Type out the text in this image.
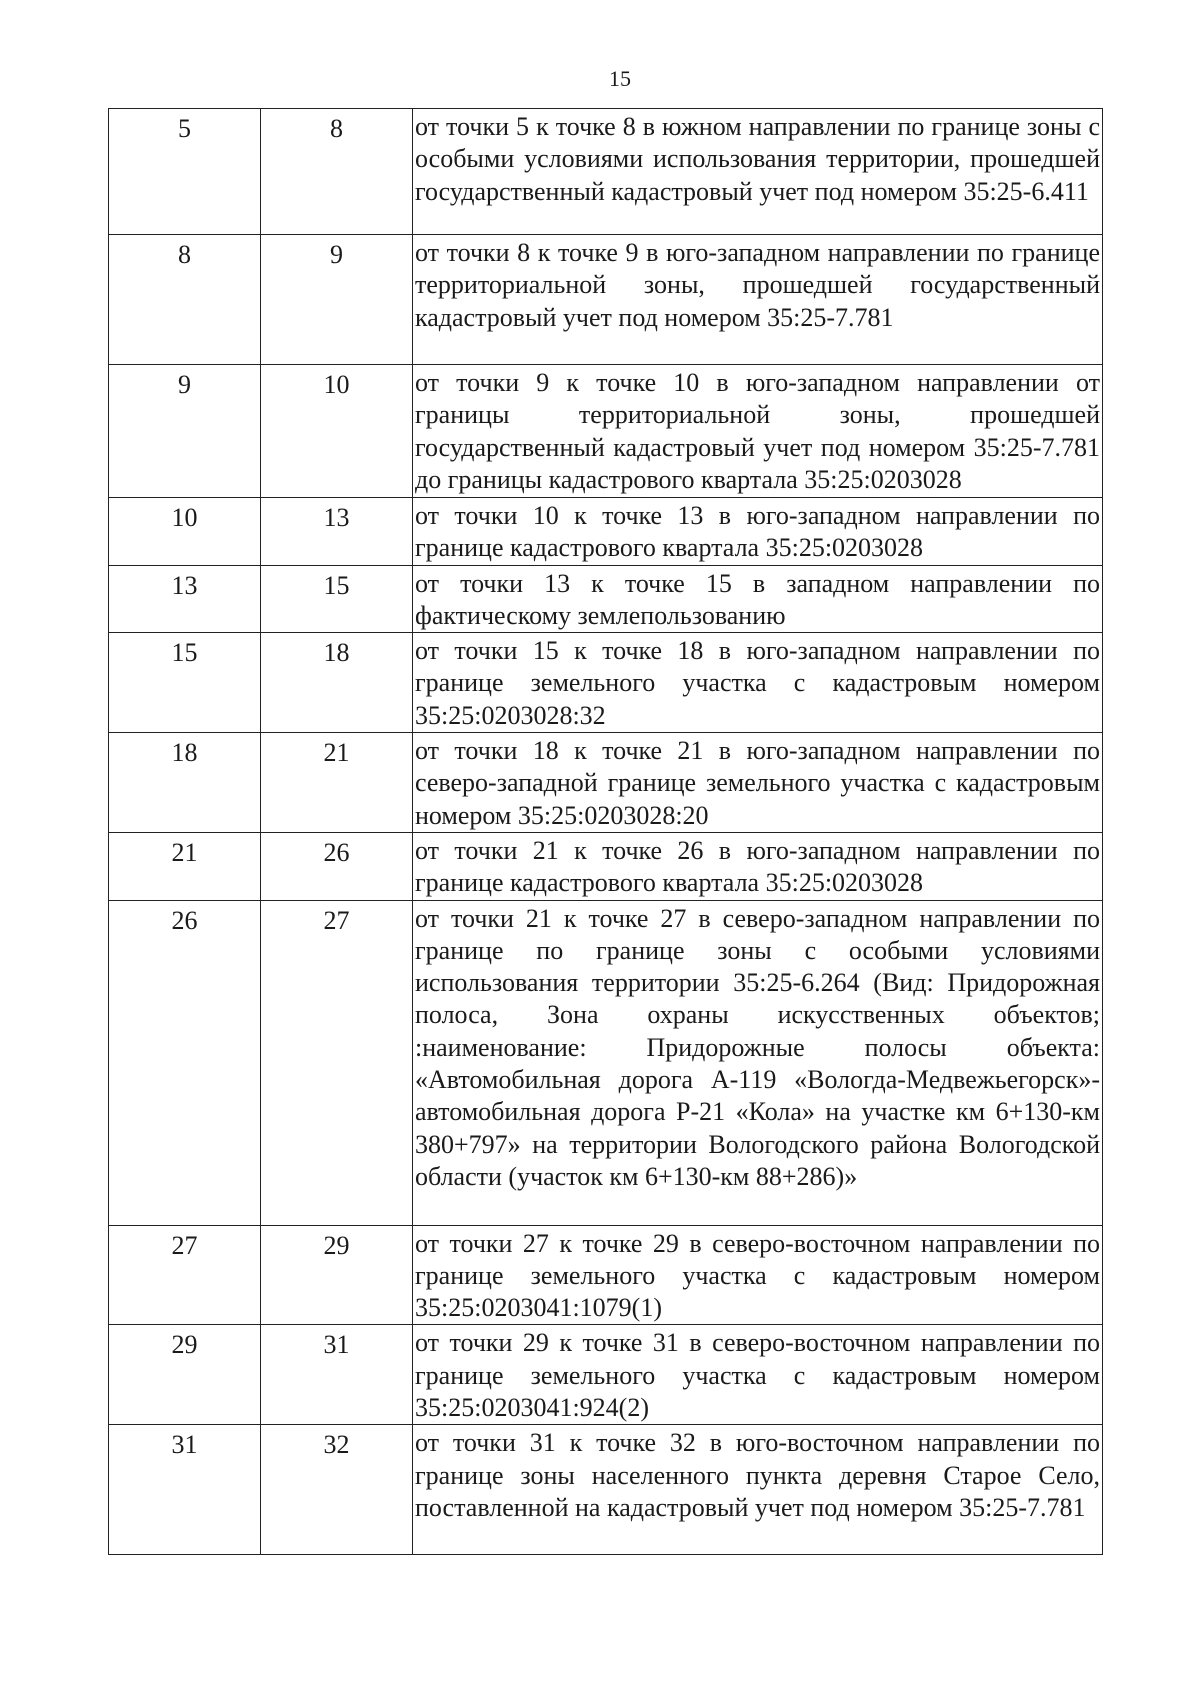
15
5	8	от точки 5 к точке 8 в южном направлении по границе зоны с особыми условиями использования территории, прошедшей государственный кадастровый учет под номером 35:25-6.411
8	9	от точки 8 к точке 9 в юго-западном направлении по границе территориальной зоны, прошедшей государственный кадастровый учет под номером 35:25-7.781
9	10	от точки 9 к точке 10 в юго-западном направлении от границы территориальной зоны, прошедшей государственный кадастровый учет под номером 35:25-7.781 до границы кадастрового квартала 35:25:0203028
10	13	от точки 10 к точке 13 в юго-западном направлении по границе кадастрового квартала 35:25:0203028
13	15	от точки 13 к точке 15 в западном направлении по фактическому землепользованию
15	18	от точки 15 к точке 18 в юго-западном направлении по границе земельного участка с кадастровым номером 35:25:0203028:32
18	21	от точки 18 к точке 21 в юго-западном направлении по северо-западной границе земельного участка с кадастровым номером 35:25:0203028:20
21	26	от точки 21 к точке 26 в юго-западном направлении по границе кадастрового квартала 35:25:0203028
26	27	от точки 21 к точке 27 в северо-западном направлении по границе по границе зоны с особыми условиями использования территории 35:25-6.264 (Вид: Придорожная полоса, Зона охраны искусственных объектов; :наименование: Придорожные полосы объекта: «Автомобильная дорога А-119 «Вологда-Медвежьегорск»-автомобильная дорога Р-21 «Кола» на участке км 6+130-км 380+797» на территории Вологодского района Вологодской области (участок км 6+130-км 88+286)»
27	29	от точки 27 к точке 29 в северо-восточном направлении по границе земельного участка с кадастровым номером 35:25:0203041:1079(1)
29	31	от точки 29 к точке 31 в северо-восточном направлении по границе земельного участка с кадастровым номером 35:25:0203041:924(2)
31	32	от точки 31 к точке 32 в юго-восточном направлении по границе зоны населенного пункта деревня Старое Село, поставленной на кадастровый учет под номером 35:25-7.781
